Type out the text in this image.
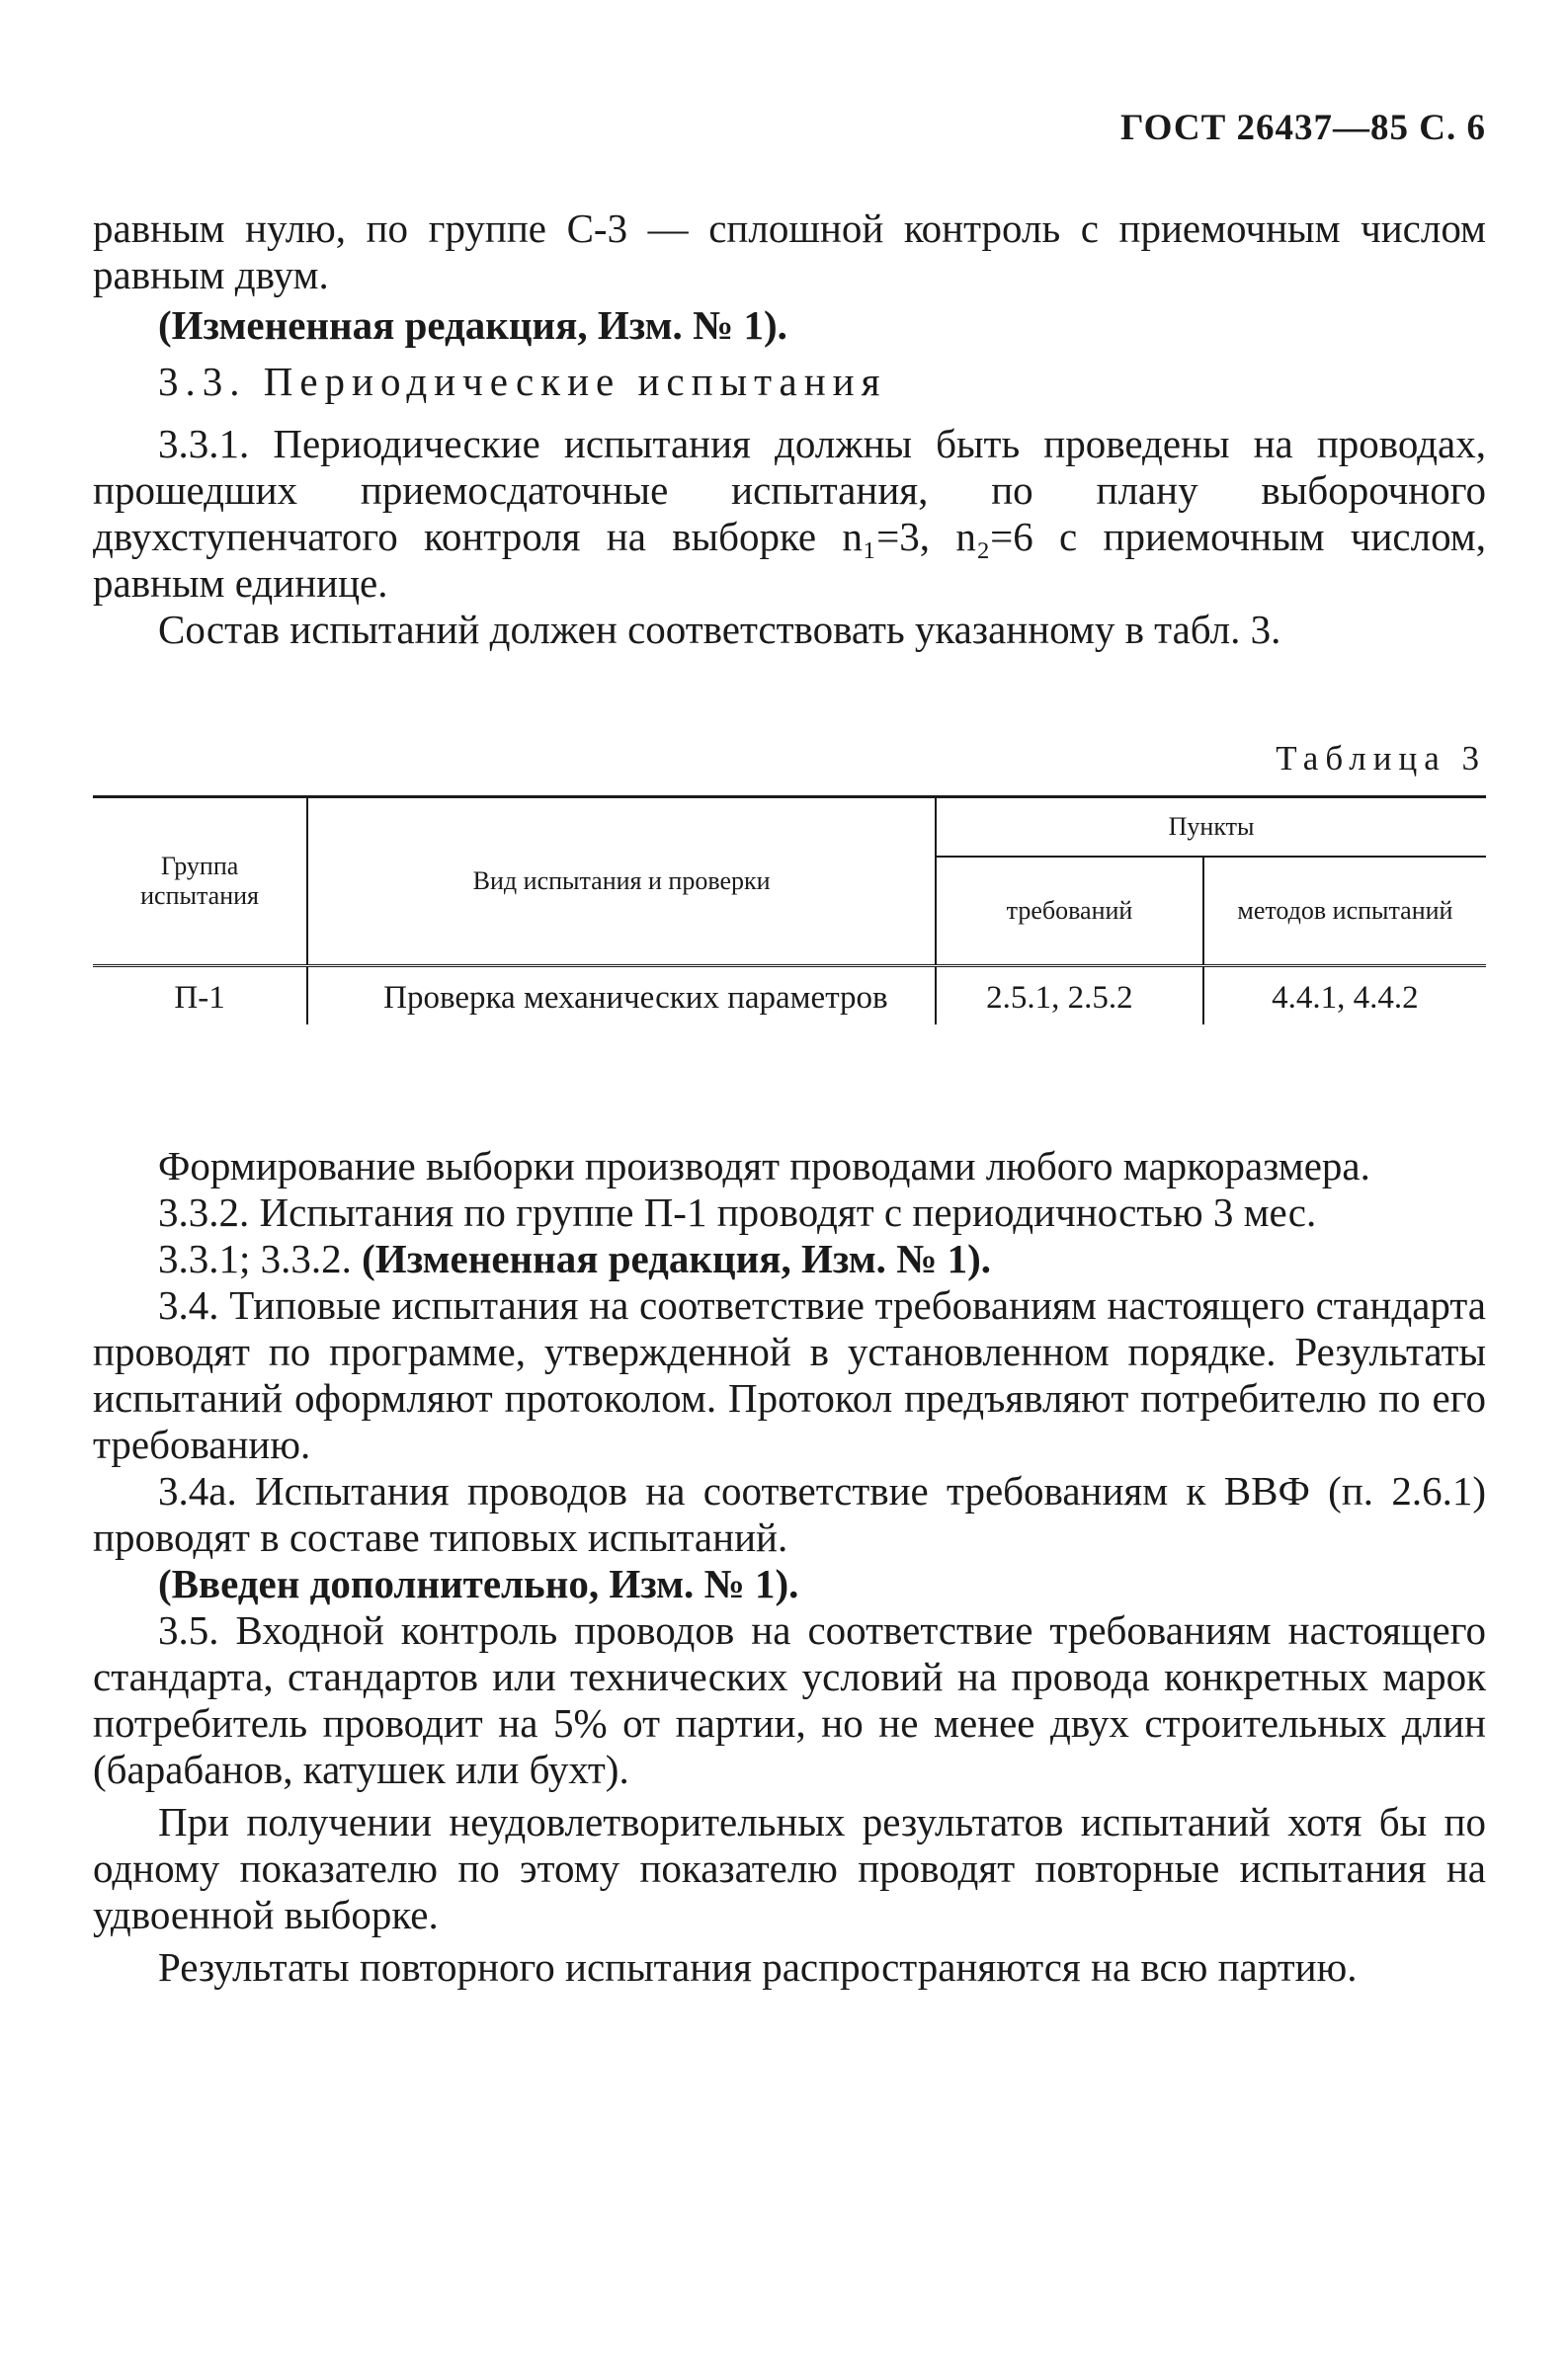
ГОСТ 26437—85 С. 6

равным нулю, по группе С-3 — сплошной контроль с приемочным числом равным двум.

(Измененная редакция, Изм. № 1).

3.3. Периодические испытания

3.3.1. Периодические испытания должны быть проведены на проводах, прошедших приемосдаточные испытания, по плану выборочного двухступенчатого контроля на выборке n₁=3, n₂=6 с приемочным числом, равным единице.

Состав испытаний должен соответствовать указанному в табл. 3.

Таблица 3
Группа испытания	Вид испытания и проверки	Пункты	
		требований	методов испытаний

П-1	Проверка механических параметров	2.5.1, 2.5.2	4.4.1, 4.4.2

Формирование выборки производят проводами любого маркоразмера.

3.3.2. Испытания по группе П-1 проводят с периодичностью 3 мес.

3.3.1; 3.3.2. (Измененная редакция, Изм. № 1).

3.4. Типовые испытания на соответствие требованиям настоящего стандарта проводят по программе, утвержденной в установленном порядке. Результаты испытаний оформляют протоколом. Протокол предъявляют потребителю по его требованию.

3.4а. Испытания проводов на соответствие требованиям к ВВФ (п. 2.6.1) проводят в составе типовых испытаний.

(Введен дополнительно, Изм. № 1).

3.5. Входной контроль проводов на соответствие требованиям настоящего стандарта, стандартов или технических условий на провода конкретных марок потребитель проводит на 5% от партии, но не менее двух строительных длин (барабанов, катушек или бухт).

При получении неудовлетворительных результатов испытаний хотя бы по одному показателю по этому показателю проводят повторные испытания на удвоенной выборке.

Результаты повторного испытания распространяются на всю партию.
